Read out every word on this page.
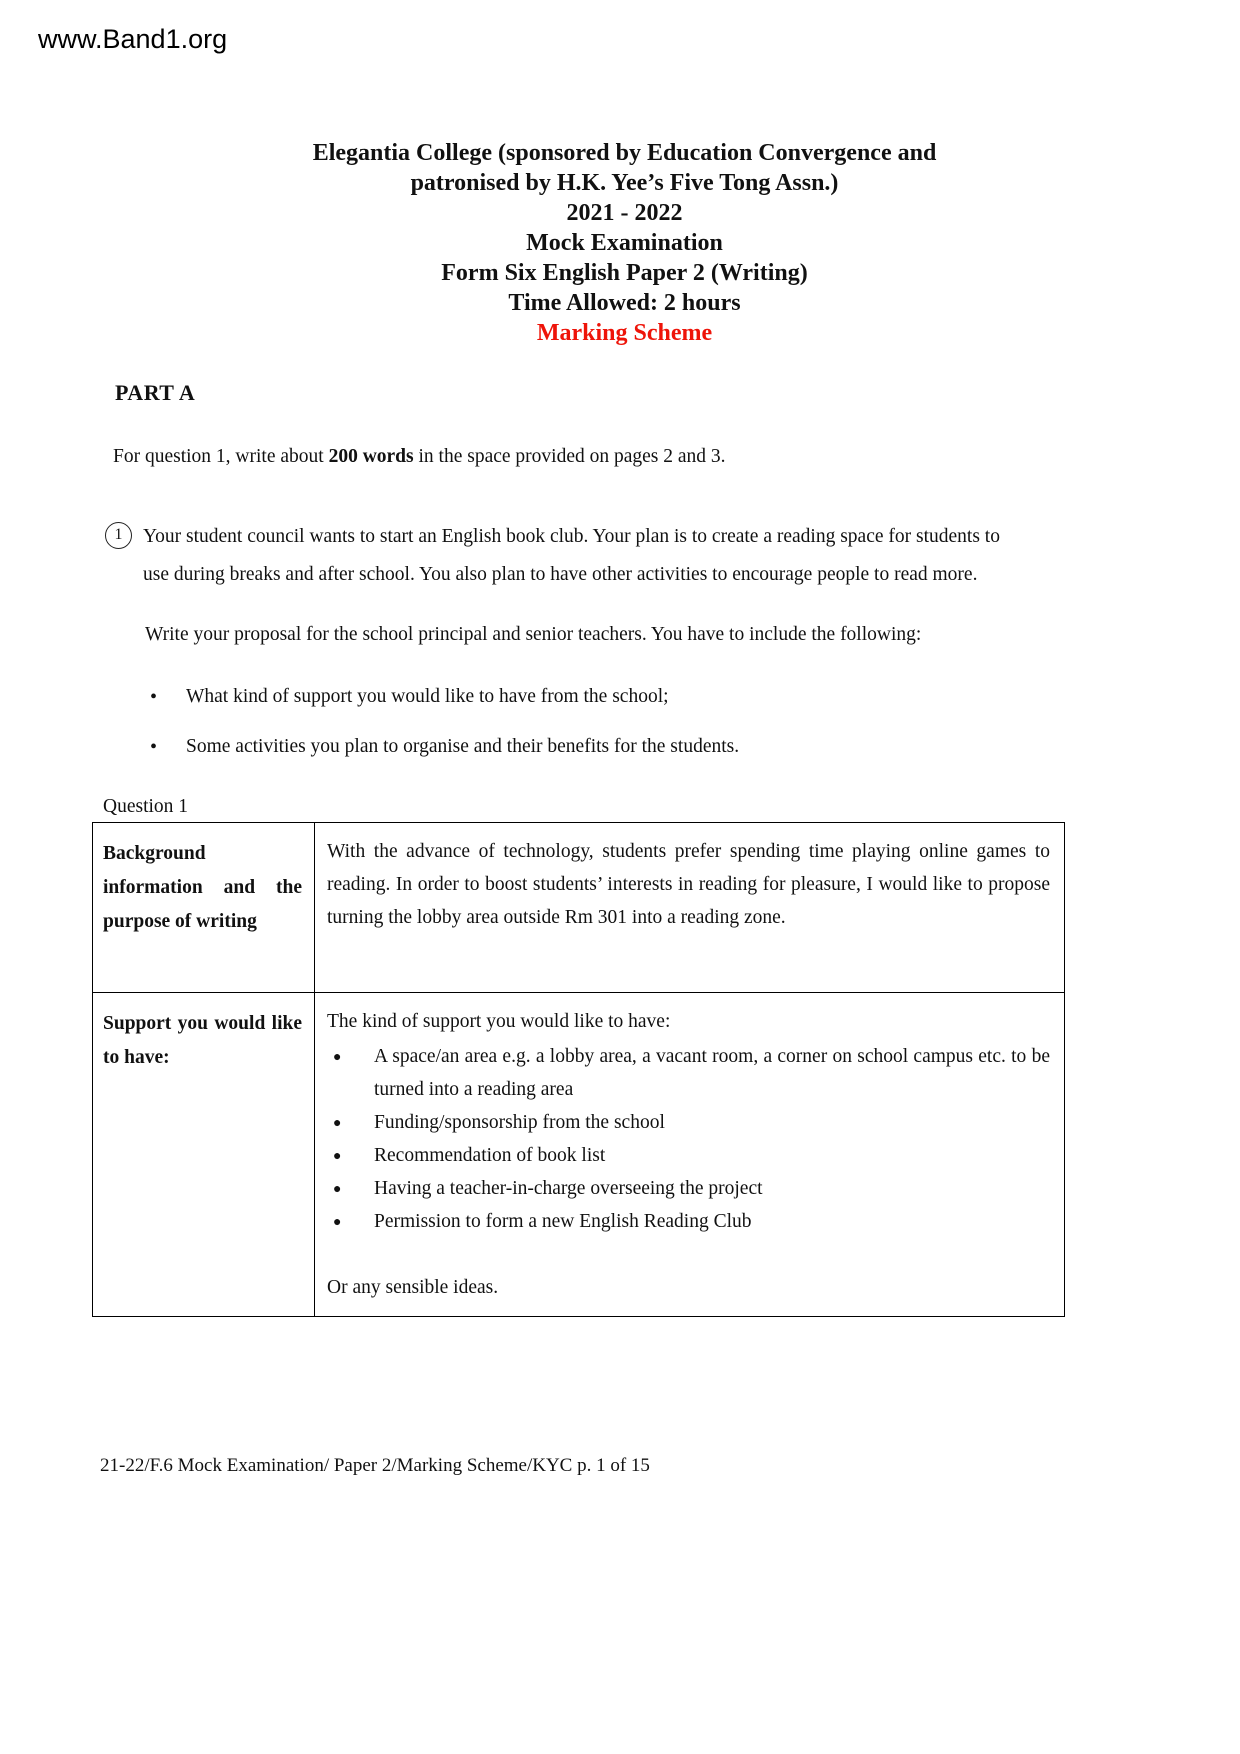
www.Band1.org
Elegantia College (sponsored by Education Convergence and
patronised by H.K. Yee’s Five Tong Assn.)
2021 - 2022
Mock Examination
Form Six English Paper 2 (Writing)
Time Allowed: 2 hours
Marking Scheme
PART A

For question 1, write about 200 words in the space provided on pages 2 and 3.

1	Your student council wants to start an English book club. Your plan is to create a reading space for students to use during breaks and after school. You also plan to have other activities to encourage people to read more.

Write your proposal for the school principal and senior teachers. You have to include the following:

• What kind of support you would like to have from the school;
• Some activities you plan to organise and their benefits for the students.
Question 1
Background information and the purpose of writing	With the advance of technology, students prefer spending time playing online games to reading. In order to boost students’ interests in reading for pleasure, I would like to propose turning the lobby area outside Rm 301 into a reading zone.
Support you would like to have:	
The kind of support you would like to have:
● A space/an area e.g. a lobby area, a vacant room, a corner on school campus etc. to be turned into a reading area
● Funding/sponsorship from the school
● Recommendation of book list
● Having a teacher-in-charge overseeing the project
● Permission to form a new English Reading Club
Or any sensible ideas.
21-22/F.6 Mock Examination/ Paper 2/Marking Scheme/KYC p. 1 of 15
